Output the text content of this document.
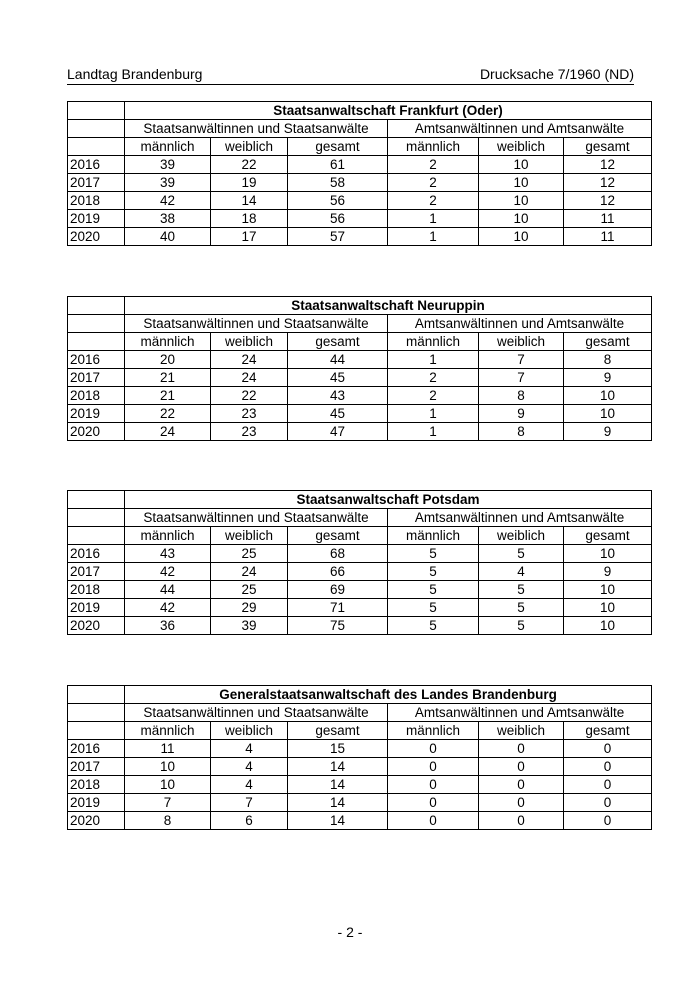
Landtag Brandenburg	Drucksache 7/1960 (ND)
	Staatsanwaltschaft Frankfurt (Oder)					
	Staatsanwältinnen und Staatsanwälte			Amtsanwältinnen und Amtsanwälte		
	männlich	weiblich	gesamt	männlich	weiblich	gesamt
2016	39	22	61	2	10	12
2017	39	19	58	2	10	12
2018	42	14	56	2	10	12
2019	38	18	56	1	10	11
2020	40	17	57	1	10	11
	Staatsanwaltschaft Neuruppin					
	Staatsanwältinnen und Staatsanwälte			Amtsanwältinnen und Amtsanwälte		
	männlich	weiblich	gesamt	männlich	weiblich	gesamt
2016	20	24	44	1	7	8
2017	21	24	45	2	7	9
2018	21	22	43	2	8	10
2019	22	23	45	1	9	10
2020	24	23	47	1	8	9
	Staatsanwaltschaft Potsdam					
	Staatsanwältinnen und Staatsanwälte			Amtsanwältinnen und Amtsanwälte		
	männlich	weiblich	gesamt	männlich	weiblich	gesamt
2016	43	25	68	5	5	10
2017	42	24	66	5	4	9
2018	44	25	69	5	5	10
2019	42	29	71	5	5	10
2020	36	39	75	5	5	10
	Generalstaatsanwaltschaft des Landes Brandenburg					
	Staatsanwältinnen und Staatsanwälte			Amtsanwältinnen und Amtsanwälte		
	männlich	weiblich	gesamt	männlich	weiblich	gesamt
2016	11	4	15	0	0	0
2017	10	4	14	0	0	0
2018	10	4	14	0	0	0
2019	7	7	14	0	0	0
2020	8	6	14	0	0	0
- 2 -
